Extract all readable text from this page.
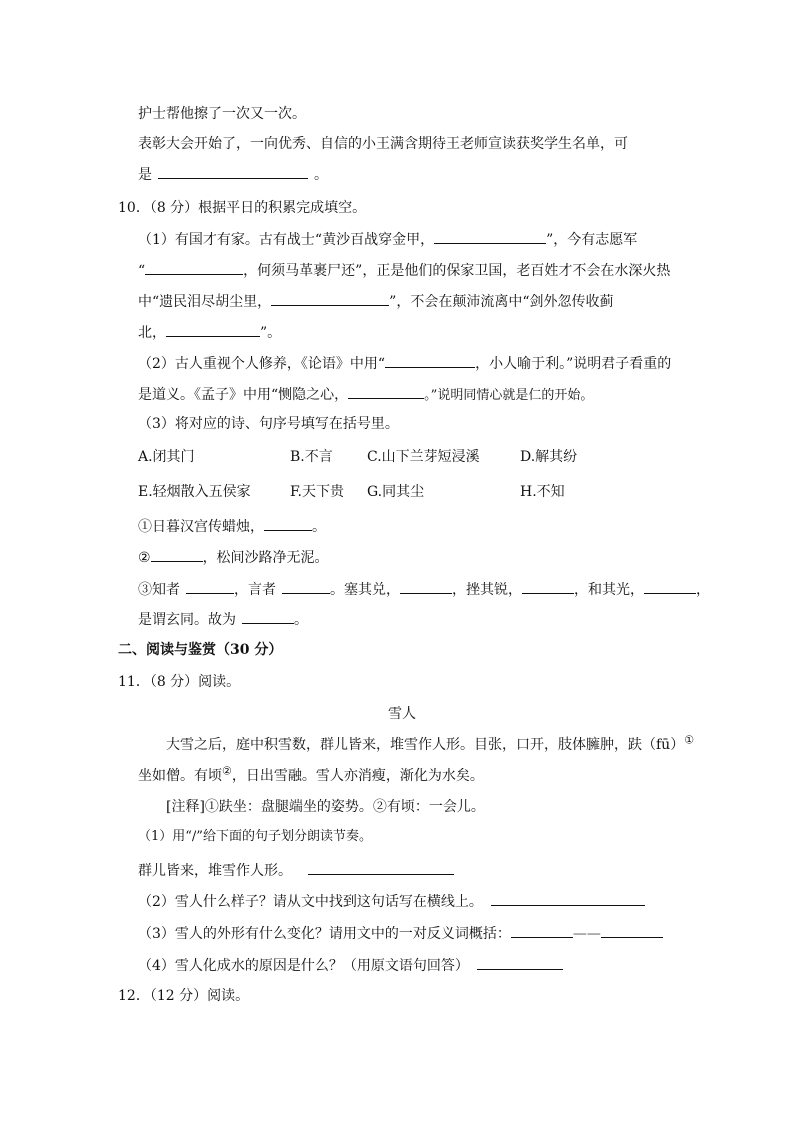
护士帮他擦了一次又一次。
表彰大会开始了，一向优秀、自信的小王满含期待王老师宣读获奖学生名单，可
是	。
10．（8 分）根据平日的积累完成填空。
（1）有国才有家。古有战士“黄沙百战穿金甲，	”，今有志愿军
“	，何须马革裹尸还”，正是他们的保家卫国，老百姓才不会在水深火热
中“遗民泪尽胡尘里，	”，不会在颠沛流离中“剑外忽传收蓟
北，	”。
（2）古人重视个人修养，《论语》中用“	，小人喻于利。”说明君子看重的
是道义。《孟子》中用“恻隐之心，	。”说明同情心就是仁的开始。
（3）将对应的诗、句序号填写在括号里。
A.闭其门	B.不言 C.山下兰芽短浸溪	D.解其纷
E.轻烟散入五侯家	F.天下贵 G.同其尘	H.不知
①日暮汉宫传蜡烛，	。
②	，松间沙路净无泥。
③知者	，言者	。塞其兑，	，挫其锐，	，和其光，	，
是谓玄同。故为	。
二、阅读与鉴赏（30 分）
11．（8 分）阅读。
雪人
大雪之后，庭中积雪数，群儿皆来，堆雪作人形。目张，口开，肢体臃肿，趺（fū）①
坐如僧。有顷②，日出雪融。雪人亦消瘦，渐化为水矣。
[注释]①趺坐：盘腿端坐的姿势。②有顷：一会儿。
（1）用“/”给下面的句子划分朗读节奏。
群儿皆来，堆雪作人形。
（2）雪人什么样子？请从文中找到这句话写在横线上。
（3）雪人的外形有什么变化？请用文中的一对反义词概括：	——
（4）雪人化成水的原因是什么？（用原文语句回答）
12．（12 分）阅读。
